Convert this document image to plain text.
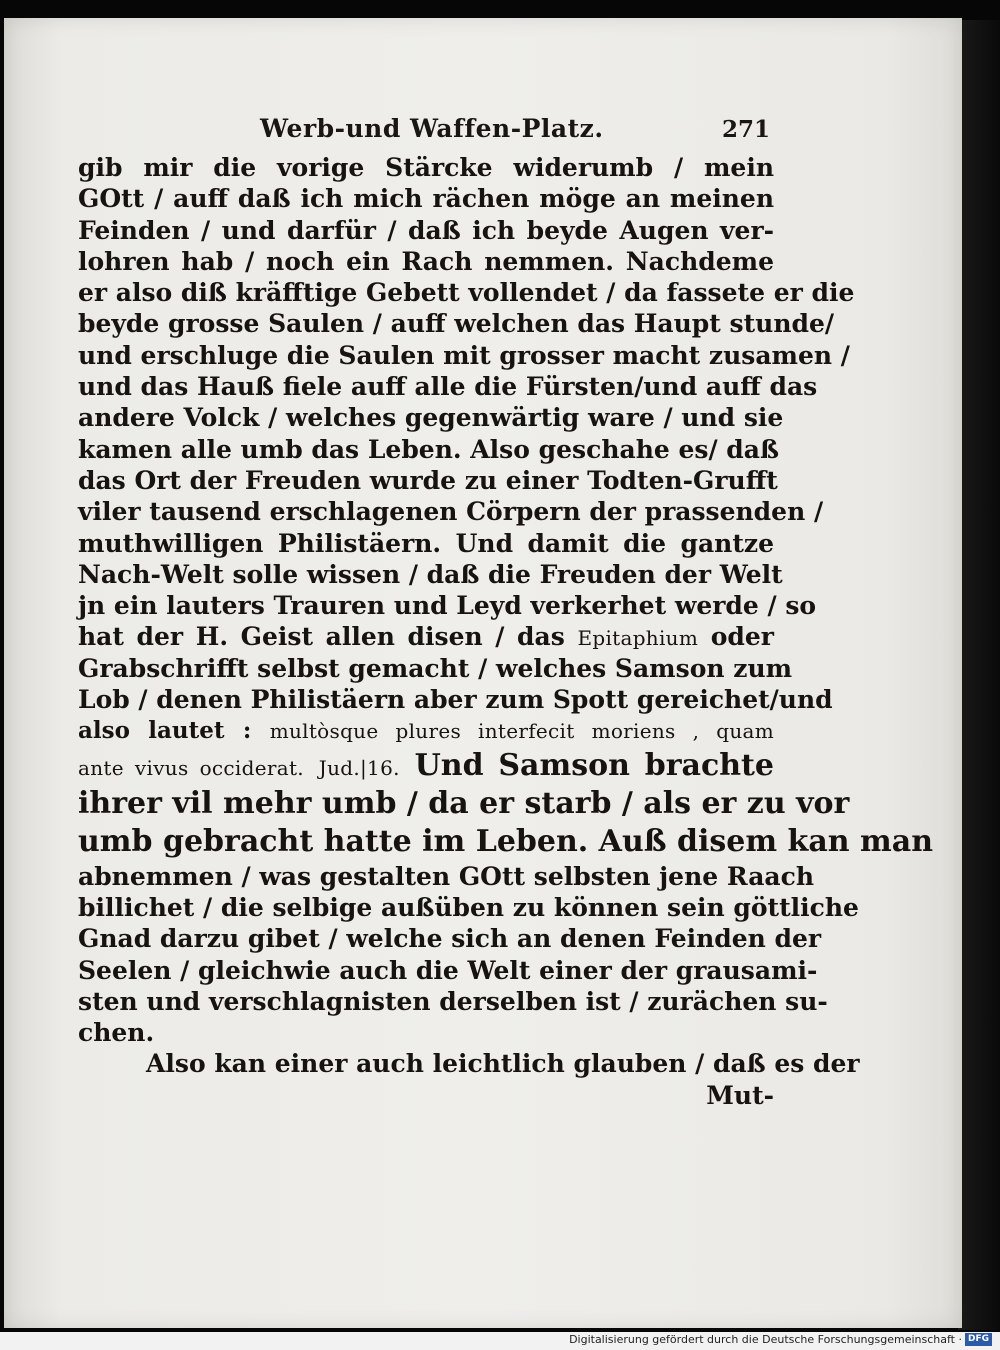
Werb‑und Waffen‑Platz.	271
gib mir die vorige Stärcke widerumb / mein
GOtt / auff daß ich mich rächen möge an meinen
Feinden / und darfür / daß ich beyde Augen ver‑
lohren hab / noch ein Rach nemmen. Nachdeme
er also diß kräfftige Gebett vollendet / da fassete er die
beyde grosse Saulen / auff welchen das Haupt stunde/
und erschluge die Saulen mit grosser macht zusamen /
und das Hauß fiele auff alle die Fürsten/und auff das
andere Volck / welches gegenwärtig ware / und sie
kamen alle umb das Leben. Also geschahe es/ daß
das Ort der Freuden wurde zu einer Todten‑Grufft
viler tausend erschlagenen Cörpern der prassenden /
muthwilligen Philistäern. Und damit die gantze
Nach‑Welt solle wissen / daß die Freuden der Welt
jn ein lauters Trauren und Leyd verkerhet werde / so
hat der H. Geist allen disen / das Epitaphium oder
Grabschrifft selbst gemacht / welches Samson zum
Lob / denen Philistäern aber zum Spott gereichet/und
also lautet : multòsque plures interfecit moriens , quam
ante vivus occiderat. Jud.|16. Und Samson brachte
ihrer vil mehr umb / da er starb / als er zu vor
umb gebracht hatte im Leben. Auß disem kan man
abnemmen / was gestalten GOtt selbsten jene Raach
billichet / die selbige außüben zu können sein göttliche
Gnad darzu gibet / welche sich an denen Feinden der
Seelen / gleichwie auch die Welt einer der grausami‑
sten und verschlagnisten derselben ist / zurächen su‑
chen.
Also kan einer auch leichtlich glauben / daß es der
Mut‑
Digitalisierung gefördert durch die Deutsche Forschungsgemeinschaft · DFG
